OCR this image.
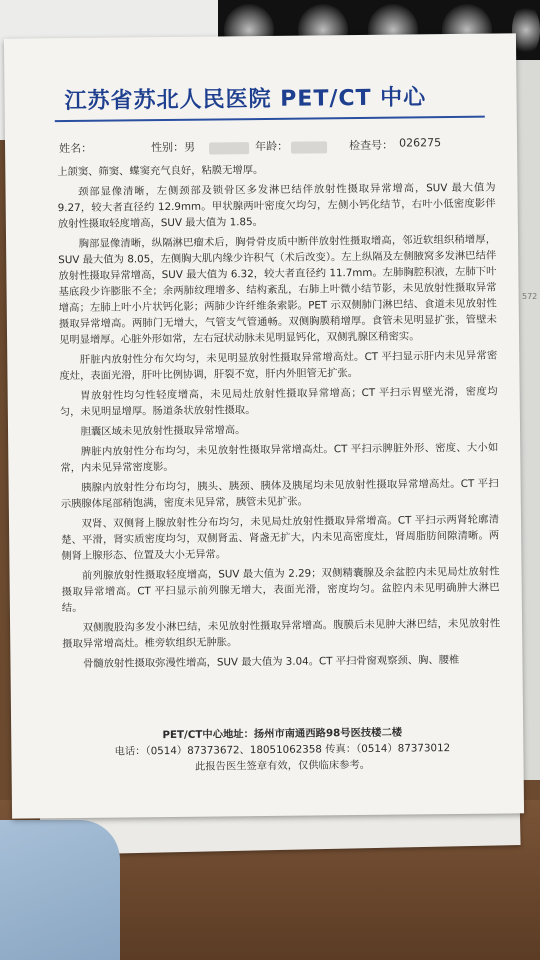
572
江苏省苏北人民医院 PET/CT 中心
姓名：	性别：男	年龄：	检查号： 026275

上颌窦、筛窦、蝶窦充气良好，粘膜无增厚。

颈部显像清晰，左侧颈部及锁骨区多发淋巴结伴放射性摄取异常增高，SUV 最大值为 9.27，较大者直径约 12.9mm。甲状腺两叶密度欠均匀，左侧小钙化结节，右叶小低密度影伴放射性摄取轻度增高，SUV 最大值为 1.85。

胸部显像清晰，纵隔淋巴瘤术后，胸骨骨皮质中断伴放射性摄取增高，邻近软组织稍增厚，SUV 最大值为 8.05，左侧胸大肌内缘少许积气（术后改变）。左上纵隔及左侧腋窝多发淋巴结伴放射性摄取异常增高，SUV 最大值为 6.32，较大者直径约 11.7mm。左肺胸腔积液，左肺下叶基底段少许膨胀不全；余两肺纹理增多、结构紊乱，右肺上叶微小结节影，未见放射性摄取异常增高；左肺上叶小片状钙化影；两肺少许纤维条索影。PET 示双侧肺门淋巴结、食道未见放射性摄取异常增高。两肺门无增大，气管支气管通畅。双侧胸膜稍增厚。食管未见明显扩张，管壁未见明显增厚。心脏外形如常，左右冠状动脉未见明显钙化，双侧乳腺区稍密实。

肝脏内放射性分布欠均匀，未见明显放射性摄取异常增高灶。CT 平扫显示肝内未见异常密度灶，表面光滑，肝叶比例协调，肝裂不宽，肝内外胆管无扩张。

胃放射性均匀性轻度增高，未见局灶放射性摄取异常增高；CT 平扫示胃壁光滑，密度均匀，未见明显增厚。肠道条状放射性摄取。

胆囊区域未见放射性摄取异常增高。

脾脏内放射性分布均匀，未见放射性摄取异常增高灶。CT 平扫示脾脏外形、密度、大小如常，内未见异常密度影。

胰腺内放射性分布均匀，胰头、胰颈、胰体及胰尾均未见放射性摄取异常增高灶。CT 平扫示胰腺体尾部稍饱满，密度未见异常，胰管未见扩张。

双肾、双侧肾上腺放射性分布均匀，未见局灶放射性摄取异常增高。CT 平扫示两肾轮廓清楚、平滑，肾实质密度均匀，双侧肾盂、肾盏无扩大，内未见高密度灶，肾周脂肪间隙清晰。两侧肾上腺形态、位置及大小无异常。

前列腺放射性摄取轻度增高，SUV 最大值为 2.29；双侧精囊腺及余盆腔内未见局灶放射性摄取异常增高。CT 平扫显示前列腺无增大，表面光滑，密度均匀。盆腔内未见明确肿大淋巴结。

双侧腹股沟多发小淋巴结，未见放射性摄取异常增高。腹膜后未见肿大淋巴结，未见放射性摄取异常增高灶。椎旁软组织无肿胀。

骨髓放射性摄取弥漫性增高，SUV 最大值为 3.04。CT 平扫骨窗观察颈、胸、腰椎

PET/CT中心地址：扬州市南通西路98号医技楼二楼
电话：（0514）87373672、18051062358 传真：（0514）87373012
此报告医生签章有效，仅供临床参考。
